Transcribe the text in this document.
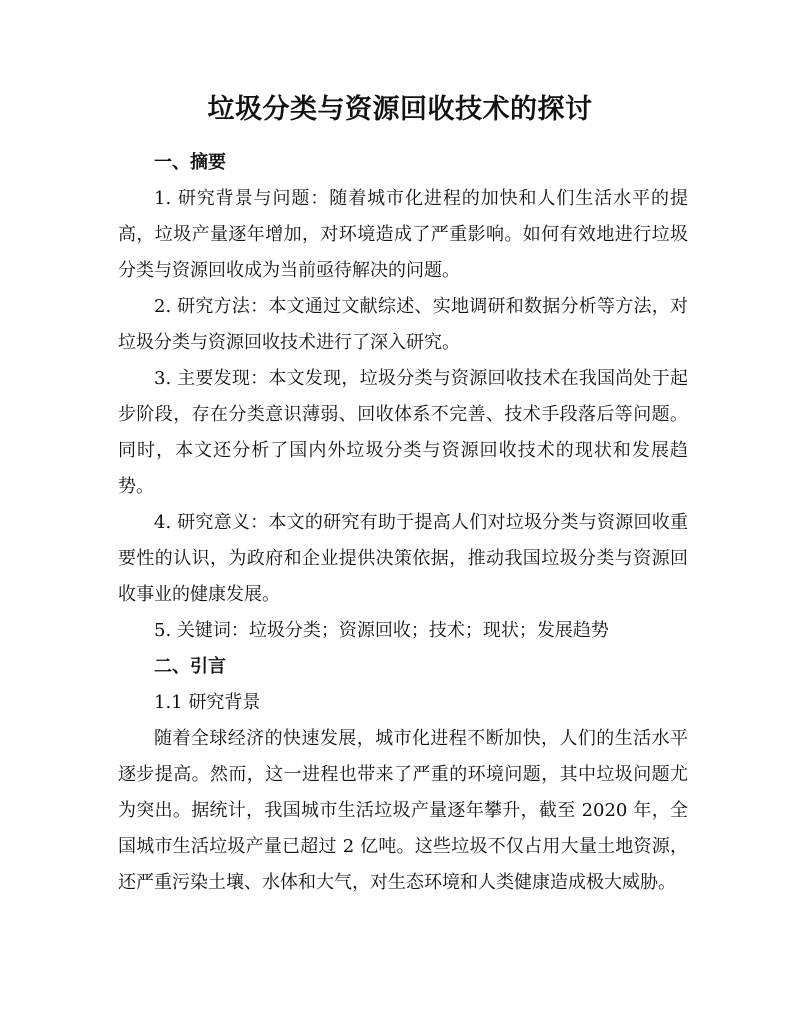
垃圾分类与资源回收技术的探讨

一、摘要

1. 研究背景与问题：随着城市化进程的加快和人们生活水平的提高，垃圾产量逐年增加，对环境造成了严重影响。如何有效地进行垃圾分类与资源回收成为当前亟待解决的问题。

2. 研究方法：本文通过文献综述、实地调研和数据分析等方法，对垃圾分类与资源回收技术进行了深入研究。

3. 主要发现：本文发现，垃圾分类与资源回收技术在我国尚处于起步阶段，存在分类意识薄弱、回收体系不完善、技术手段落后等问题。同时，本文还分析了国内外垃圾分类与资源回收技术的现状和发展趋势。

4. 研究意义：本文的研究有助于提高人们对垃圾分类与资源回收重要性的认识，为政府和企业提供决策依据，推动我国垃圾分类与资源回收事业的健康发展。

5. 关键词：垃圾分类；资源回收；技术；现状；发展趋势

二、引言

1.1 研究背景

随着全球经济的快速发展，城市化进程不断加快，人们的生活水平逐步提高。然而，这一进程也带来了严重的环境问题，其中垃圾问题尤为突出。据统计，我国城市生活垃圾产量逐年攀升，截至 2020 年，全国城市生活垃圾产量已超过 2 亿吨。这些垃圾不仅占用大量土地资源，还严重污染土壤、水体和大气，对生态环境和人类健康造成极大威胁。
